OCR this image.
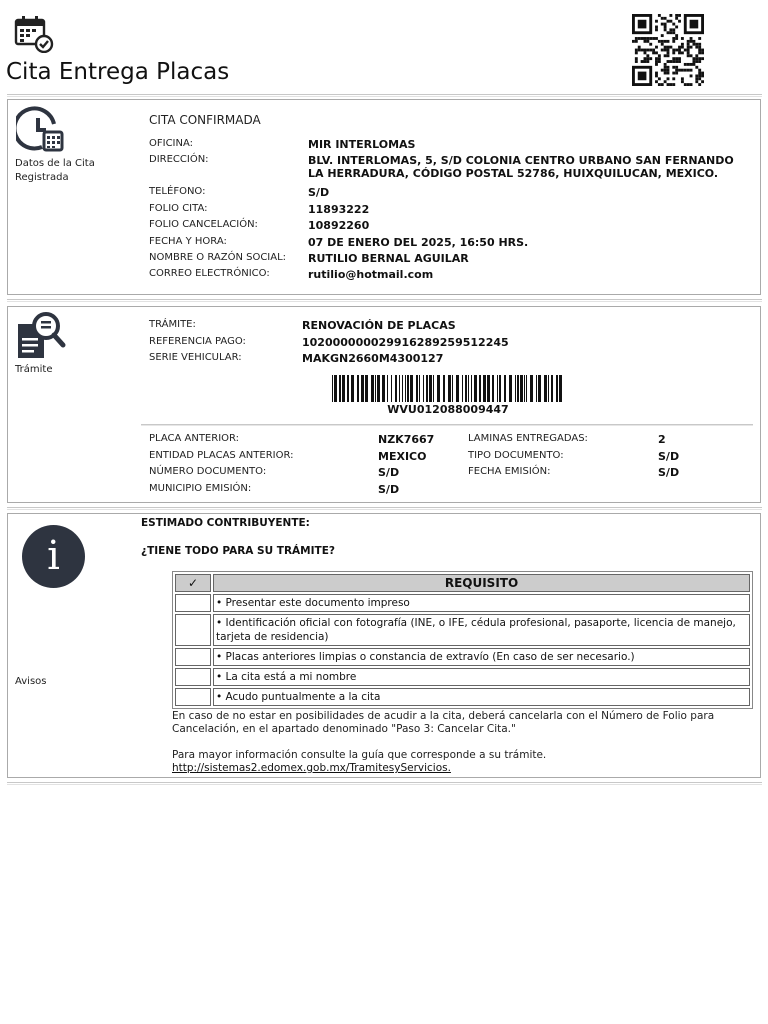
Cita Entrega Placas
Datos de la Cita Registrada
CITA CONFIRMADA
OFICINA:	MIR INTERLOMAS
DIRECCIÓN:	BLV. INTERLOMAS, 5, S/D COLONIA CENTRO URBANO SAN FERNANDO LA HERRADURA, CÓDIGO POSTAL 52786, HUIXQUILUCAN, MEXICO.
TELÉFONO:	S/D
FOLIO CITA:	11893222
FOLIO CANCELACIÓN:	10892260
FECHA Y HORA:	07 DE ENERO DEL 2025, 16:50 HRS.
NOMBRE O RAZÓN SOCIAL: RUTILIO BERNAL AGUILAR
CORREO ELECTRÓNICO:	rutilio@hotmail.com
Trámite
TRÁMITE:	RENOVACIÓN DE PLACAS
REFERENCIA PAGO:	102000000029916289259512245
SERIE VEHICULAR:	MAKGN2660M4300127
WVU012088009447
PLACA ANTERIOR:	NZK7667
ENTIDAD PLACAS ANTERIOR:	MEXICO
NÚMERO DOCUMENTO:	S/D
MUNICIPIO EMISIÓN:	S/D
LAMINAS ENTREGADAS:	2
TIPO DOCUMENTO:	S/D
FECHA EMISIÓN:	S/D
i
Avisos
ESTIMADO CONTRIBUYENTE:
¿TIENE TODO PARA SU TRÁMITE?
✓	REQUISITO
	• Presentar este documento impreso
	• Identificación oficial con fotografía (INE, o IFE, cédula profesional, pasaporte, licencia de manejo, tarjeta de residencia)
	• Placas anteriores limpias o constancia de extravío (En caso de ser necesario.)
	• La cita está a mi nombre
	• Acudo puntualmente a la cita
En caso de no estar en posibilidades de acudir a la cita, deberá cancelarla con el Número de Folio para Cancelación, en el apartado denominado "Paso 3: Cancelar Cita."
Para mayor información consulte la guía que corresponde a su trámite.
http://sistemas2.edomex.gob.mx/TramitesyServicios.
